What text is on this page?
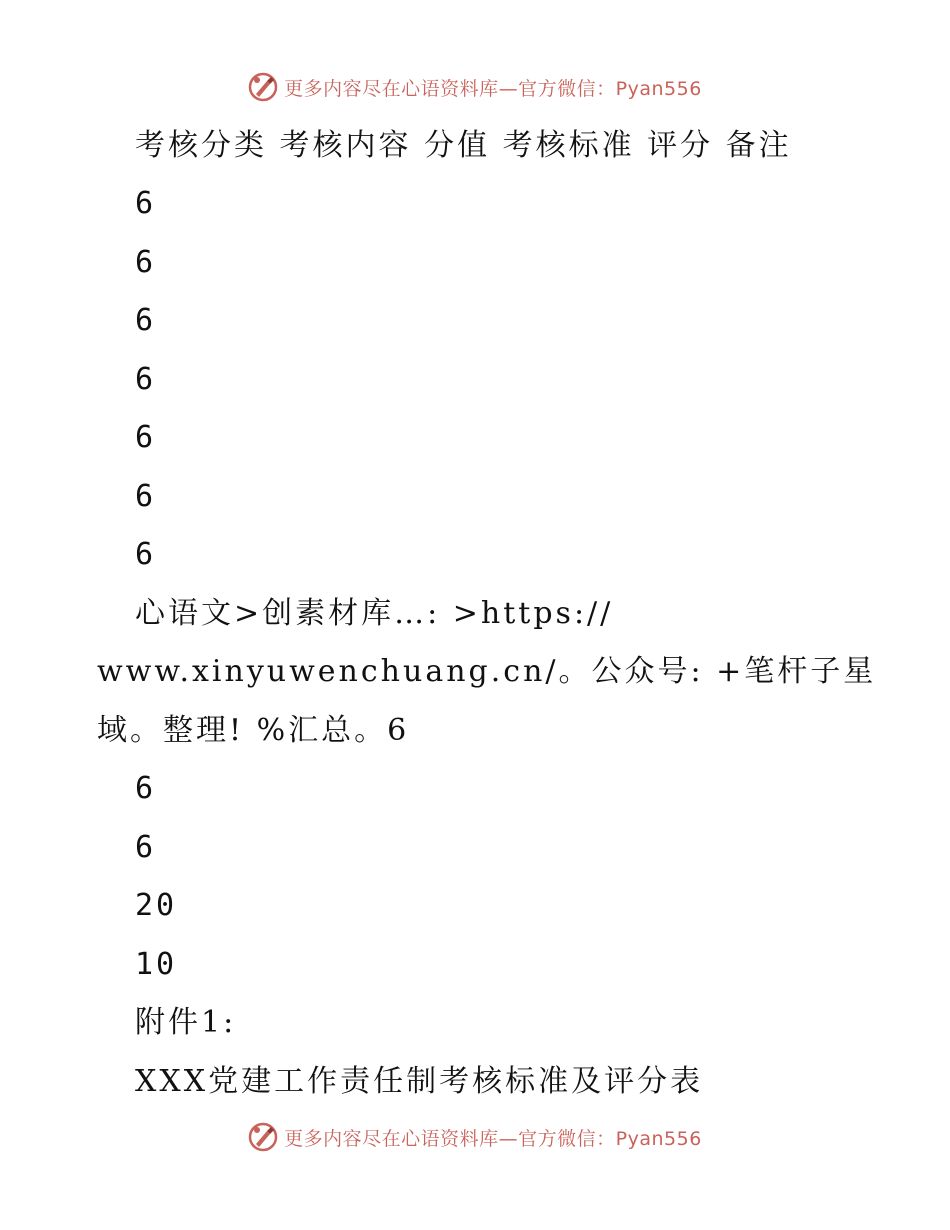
更多内容尽在心语资料库—官方微信：Pyan556
考核分类 考核内容 分值 考核标准 评分 备注
6
6
6
6
6
6
6
心语文>创素材库…: >https://
www.xinyuwenchuang.cn/。公众号: +笔杆子星
域。整理! %汇总。6
6
6
20
10
附件1:
XXX党建工作责任制考核标准及评分表
更多内容尽在心语资料库—官方微信：Pyan556
